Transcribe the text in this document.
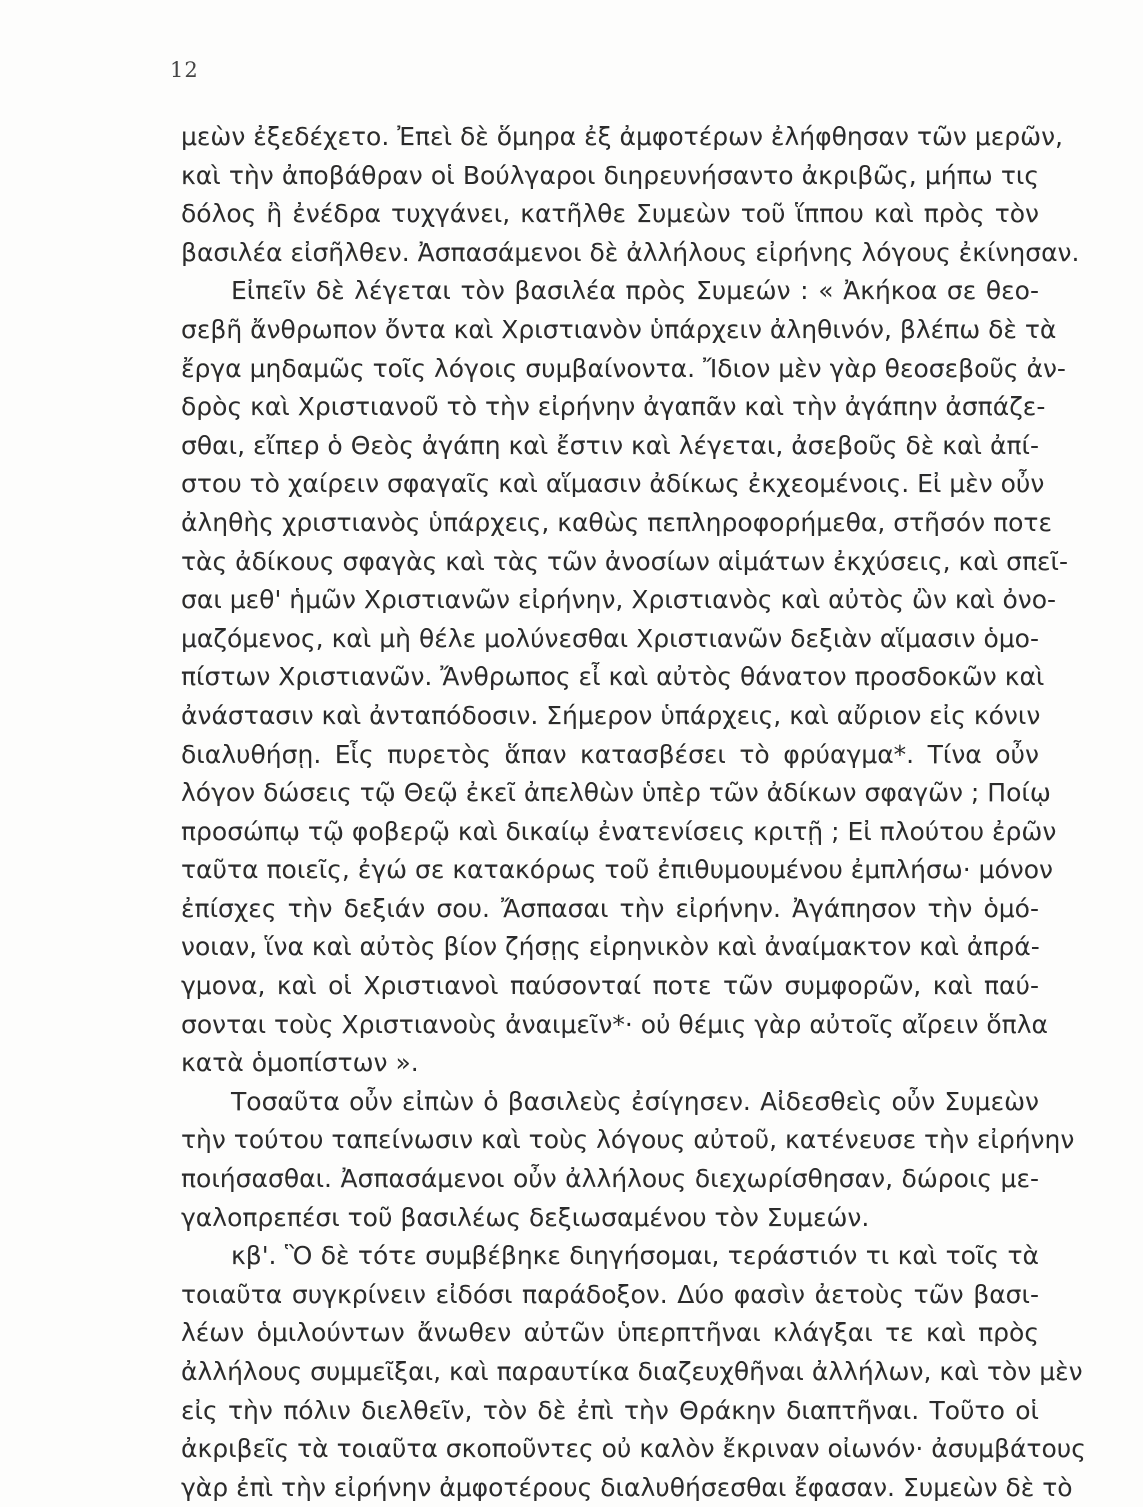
12
μεὼν ἐξεδέχετο. Ἐπεὶ δὲ ὅμηρα ἐξ ἀμφοτέρων ἐλήφθησαν τῶν μερῶν,
καὶ τὴν ἀποβάθραν οἱ Βούλγαροι διηρευνήσαντο ἀκριβῶς, μήπω τις
δόλος ἢ ἐνέδρα τυχγάνει, κατῆλθε Συμεὼν τοῦ ἵππου καὶ πρὸς τὸν
βασιλέα εἰσῆλθεν. Ἀσπασάμενοι δὲ ἀλλήλους εἰρήνης λόγους ἐκίνησαν.
Εἰπεῖν δὲ λέγεται τὸν βασιλέα πρὸς Συμεών : « Ἀκήκοα σε θεο-
σεβῆ ἄνθρωπον ὄντα καὶ Χριστιανὸν ὑπάρχειν ἀληθινόν, βλέπω δὲ τὰ
ἔργα μηδαμῶς τοῖς λόγοις συμβαίνοντα. Ἴδιον μὲν γὰρ θεοσεβοῦς ἀν-
δρὸς καὶ Χριστιανοῦ τὸ τὴν εἰρήνην ἀγαπᾶν καὶ τὴν ἀγάπην ἀσπάζε-
σθαι, εἴπερ ὁ Θεὸς ἀγάπη καὶ ἔστιν καὶ λέγεται, ἀσεβοῦς δὲ καὶ ἀπί-
στου τὸ χαίρειν σφαγαῖς καὶ αἵμασιν ἀδίκως ἐκχεομένοις. Εἰ μὲν οὖν
ἀληθὴς χριστιανὸς ὑπάρχεις, καθὼς πεπληροφορήμεθα, στῆσόν ποτε
τὰς ἀδίκους σφαγὰς καὶ τὰς τῶν ἀνοσίων αἱμάτων ἐκχύσεις, καὶ σπεῖ-
σαι μεθ' ἡμῶν Χριστιανῶν εἰρήνην, Χριστιανὸς καὶ αὐτὸς ὢν καὶ ὀνο-
μαζόμενος, καὶ μὴ θέλε μολύνεσθαι Χριστιανῶν δεξιὰν αἵμασιν ὁμο-
πίστων Χριστιανῶν. Ἄνθρωπος εἶ καὶ αὐτὸς θάνατον προσδοκῶν καὶ
ἀνάστασιν καὶ ἀνταπόδοσιν. Σήμερον ὑπάρχεις, καὶ αὔριον εἰς κόνιν
διαλυθήσῃ. Εἷς πυρετὸς ἅπαν κατασβέσει τὸ φρύαγμα*. Τίνα οὖν
λόγον δώσεις τῷ Θεῷ ἐκεῖ ἀπελθὼν ὑπὲρ τῶν ἀδίκων σφαγῶν ; Ποίῳ
προσώπῳ τῷ φοβερῷ καὶ δικαίῳ ἐνατενίσεις κριτῇ ; Εἰ πλούτου ἐρῶν
ταῦτα ποιεῖς, ἐγώ σε κατακόρως τοῦ ἐπιθυμουμένου ἐμπλήσω· μόνον
ἐπίσχες τὴν δεξιάν σου. Ἄσπασαι τὴν εἰρήνην. Ἀγάπησον τὴν ὁμό-
νοιαν, ἵνα καὶ αὐτὸς βίον ζήσῃς εἰρηνικὸν καὶ ἀναίμακτον καὶ ἀπρά-
γμονα, καὶ οἱ Χριστιανοὶ παύσονταί ποτε τῶν συμφορῶν, καὶ παύ-
σονται τοὺς Χριστιανοὺς ἀναιμεῖν*· οὐ θέμις γὰρ αὐτοῖς αἴρειν ὅπλα
κατὰ ὁμοπίστων ».
Τοσαῦτα οὖν εἰπὼν ὁ βασιλεὺς ἐσίγησεν. Αἰδεσθεὶς οὖν Συμεὼν
τὴν τούτου ταπείνωσιν καὶ τοὺς λόγους αὐτοῦ, κατένευσε τὴν εἰρήνην
ποιήσασθαι. Ἀσπασάμενοι οὖν ἀλλήλους διεχωρίσθησαν, δώροις με-
γαλοπρεπέσι τοῦ βασιλέως δεξιωσαμένου τὸν Συμεών.
κβ'. Ὃ δὲ τότε συμβέβηκε διηγήσομαι, τεράστιόν τι καὶ τοῖς τὰ
τοιαῦτα συγκρίνειν εἰδόσι παράδοξον. Δύο φασὶν ἀετοὺς τῶν βασι-
λέων ὁμιλούντων ἄνωθεν αὐτῶν ὑπερπτῆναι κλάγξαι τε καὶ πρὸς
ἀλλήλους συμμεῖξαι, καὶ παραυτίκα διαζευχθῆναι ἀλλήλων, καὶ τὸν μὲν
εἰς τὴν πόλιν διελθεῖν, τὸν δὲ ἐπὶ τὴν Θράκην διαπτῆναι. Τοῦτο οἱ
ἀκριβεῖς τὰ τοιαῦτα σκοποῦντες οὐ καλὸν ἔκριναν οἰωνόν· ἀσυμβάτους
γὰρ ἐπὶ τὴν εἰρήνην ἀμφοτέρους διαλυθήσεσθαι ἔφασαν. Συμεὼν δὲ τὸ
